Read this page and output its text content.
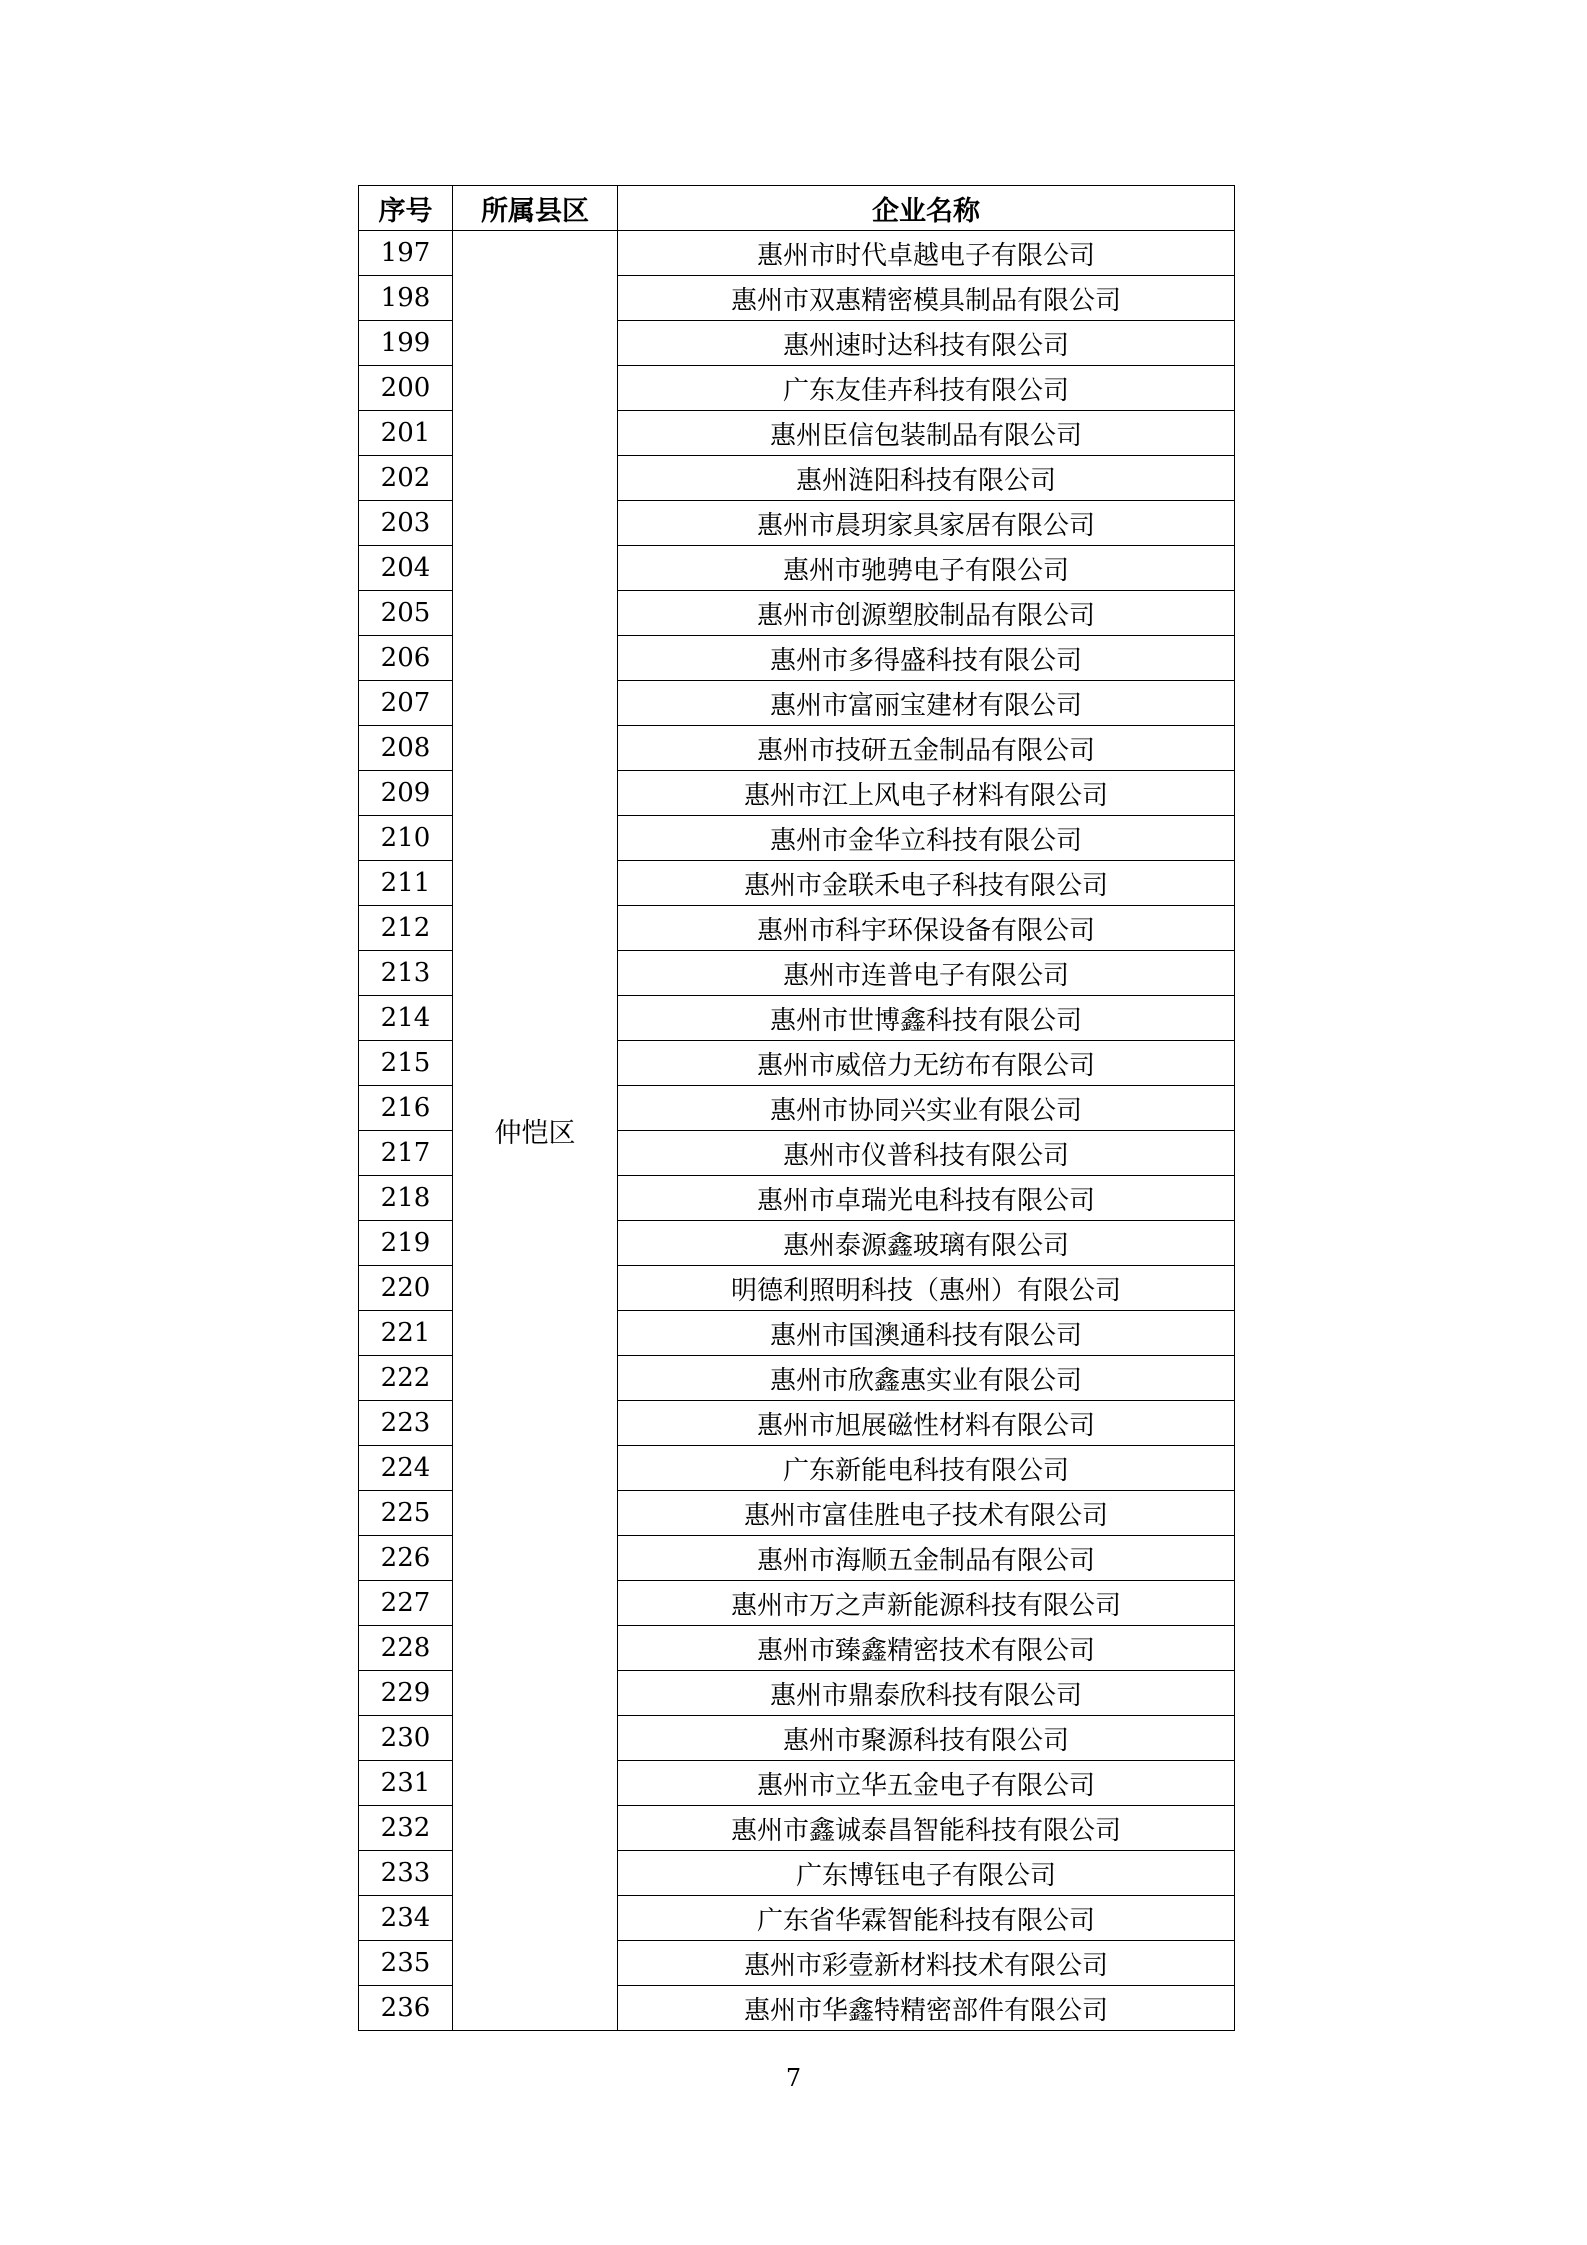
序号	所属县区	企业名称
197	仲恺区	惠州市时代卓越电子有限公司
198		惠州市双惠精密模具制品有限公司
199		惠州速时达科技有限公司
200		广东友佳卉科技有限公司
201		惠州臣信包装制品有限公司
202		惠州涟阳科技有限公司
203		惠州市晨玥家具家居有限公司
204		惠州市驰骋电子有限公司
205		惠州市创源塑胶制品有限公司
206		惠州市多得盛科技有限公司
207		惠州市富丽宝建材有限公司
208		惠州市技研五金制品有限公司
209		惠州市江上风电子材料有限公司
210		惠州市金华立科技有限公司
211		惠州市金联禾电子科技有限公司
212		惠州市科宇环保设备有限公司
213		惠州市连普电子有限公司
214		惠州市世博鑫科技有限公司
215		惠州市威倍力无纺布有限公司
216		惠州市协同兴实业有限公司
217		惠州市仪普科技有限公司
218		惠州市卓瑞光电科技有限公司
219		惠州泰源鑫玻璃有限公司
220		明德利照明科技（惠州）有限公司
221		惠州市国澳通科技有限公司
222		惠州市欣鑫惠实业有限公司
223		惠州市旭展磁性材料有限公司
224		广东新能电科技有限公司
225		惠州市富佳胜电子技术有限公司
226		惠州市海顺五金制品有限公司
227		惠州市万之声新能源科技有限公司
228		惠州市臻鑫精密技术有限公司
229		惠州市鼎泰欣科技有限公司
230		惠州市聚源科技有限公司
231		惠州市立华五金电子有限公司
232		惠州市鑫诚泰昌智能科技有限公司
233		广东博钰电子有限公司
234		广东省华霖智能科技有限公司
235		惠州市彩壹新材料技术有限公司
236		惠州市华鑫特精密部件有限公司
7
